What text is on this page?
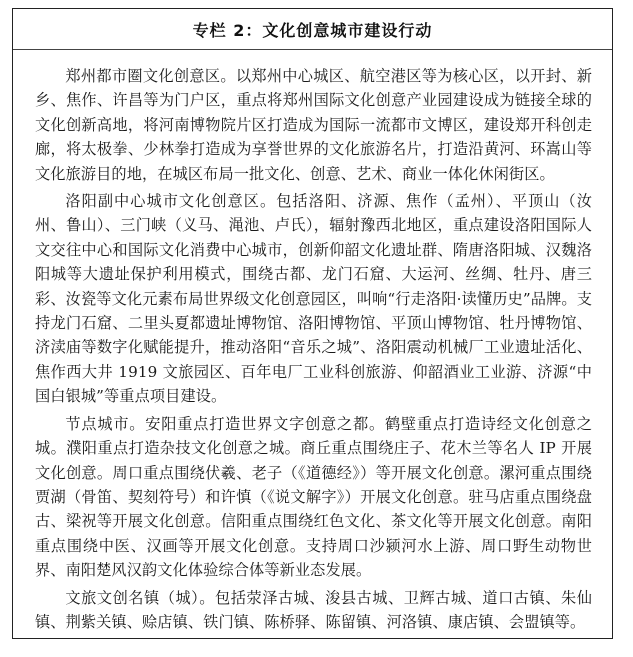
专栏 2：文化创意城市建设行动

郑州都市圈文化创意区。以郑州中心城区、航空港区等为核心区，以开封、新乡、焦作、许昌等为门户区，重点将郑州国际文化创意产业园建设成为链接全球的文化创新高地，将河南博物院片区打造成为国际一流都市文博区，建设郑开科创走廊，将太极拳、少林拳打造成为享誉世界的文化旅游名片，打造沿黄河、环嵩山等文化旅游目的地，在城区布局一批文化、创意、艺术、商业一体化休闲街区。

洛阳副中心城市文化创意区。包括洛阳、济源、焦作（孟州）、平顶山（汝州、鲁山）、三门峡（义马、渑池、卢氏），辐射豫西北地区，重点建设洛阳国际人文交往中心和国际文化消费中心城市，创新仰韶文化遗址群、隋唐洛阳城、汉魏洛阳城等大遗址保护利用模式，围绕古都、龙门石窟、大运河、丝绸、牡丹、唐三彩、汝瓷等文化元素布局世界级文化创意园区，叫响“行走洛阳·读懂历史”品牌。支持龙门石窟、二里头夏都遗址博物馆、洛阳博物馆、平顶山博物馆、牡丹博物馆、济渎庙等数字化赋能提升，推动洛阳“音乐之城”、洛阳震动机械厂工业遗址活化、焦作西大井 1919 文旅园区、百年电厂工业科创旅游、仰韶酒业工业游、济源“中国白银城”等重点项目建设。

节点城市。安阳重点打造世界文字创意之都。鹤壁重点打造诗经文化创意之城。濮阳重点打造杂技文化创意之城。商丘重点围绕庄子、花木兰等名人 IP 开展文化创意。周口重点围绕伏羲、老子（《道德经》）等开展文化创意。漯河重点围绕贾湖（骨笛、契刻符号）和许慎（《说文解字》）开展文化创意。驻马店重点围绕盘古、梁祝等开展文化创意。信阳重点围绕红色文化、茶文化等开展文化创意。南阳重点围绕中医、汉画等开展文化创意。支持周口沙颍河水上游、周口野生动物世界、南阳楚风汉韵文化体验综合体等新业态发展。

文旅文创名镇（城）。包括荥泽古城、浚县古城、卫辉古城、道口古镇、朱仙镇、荆紫关镇、赊店镇、铁门镇、陈桥驿、陈留镇、河洛镇、康店镇、会盟镇等。
